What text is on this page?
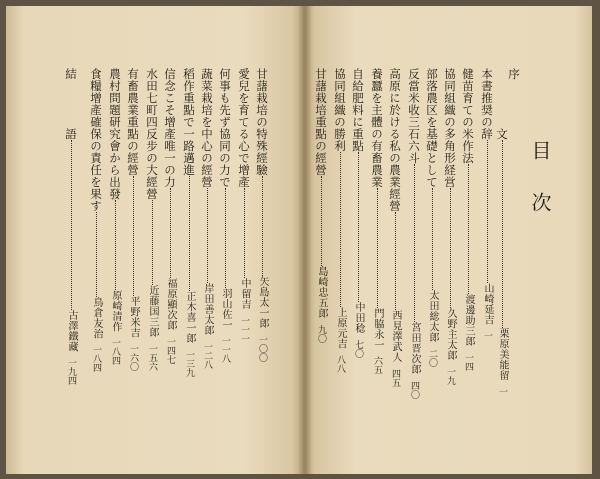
目次
序
文栗原美能留一
本書推奨の辞山崎延吉一
健苗育ての米作法渡邊助三郎一四
協同組織の多角形経営久野主太郎一九
部落農区を基礎として太田総太郎二〇
反當米收三石六斗宮田晋次郎四〇
高原に於ける私の農業經營西見澤武人四五
養蠶を主體の有畜農業門脇永一六五
自給肥料に重點中田稔七〇
協同組織の勝利上原元吉八八
甘藷栽培重點の經營島崎忠五郎九〇
甘藷栽培の特殊經驗矢島太一郎一〇〇
愛兒を育てる心で增產中留吉一一一
何事も先ず協同の力で羽山佐一一一八
蔬菜栽培を中心の經營岸田善太郎一二八
稻作重點で一路邁進正木喜一郎一三九
信念こそ增產唯一の力福原顯次郎一四七
水田七町四反步の大經營近藤国三郎一五六
有畜農業重點の經營平野米吉一六〇
農村問題研究會から出發原崎清作一八四
食糧增產確保の責任を果す鳥倉友治一八四
結
語古澤鐵藏一九四
